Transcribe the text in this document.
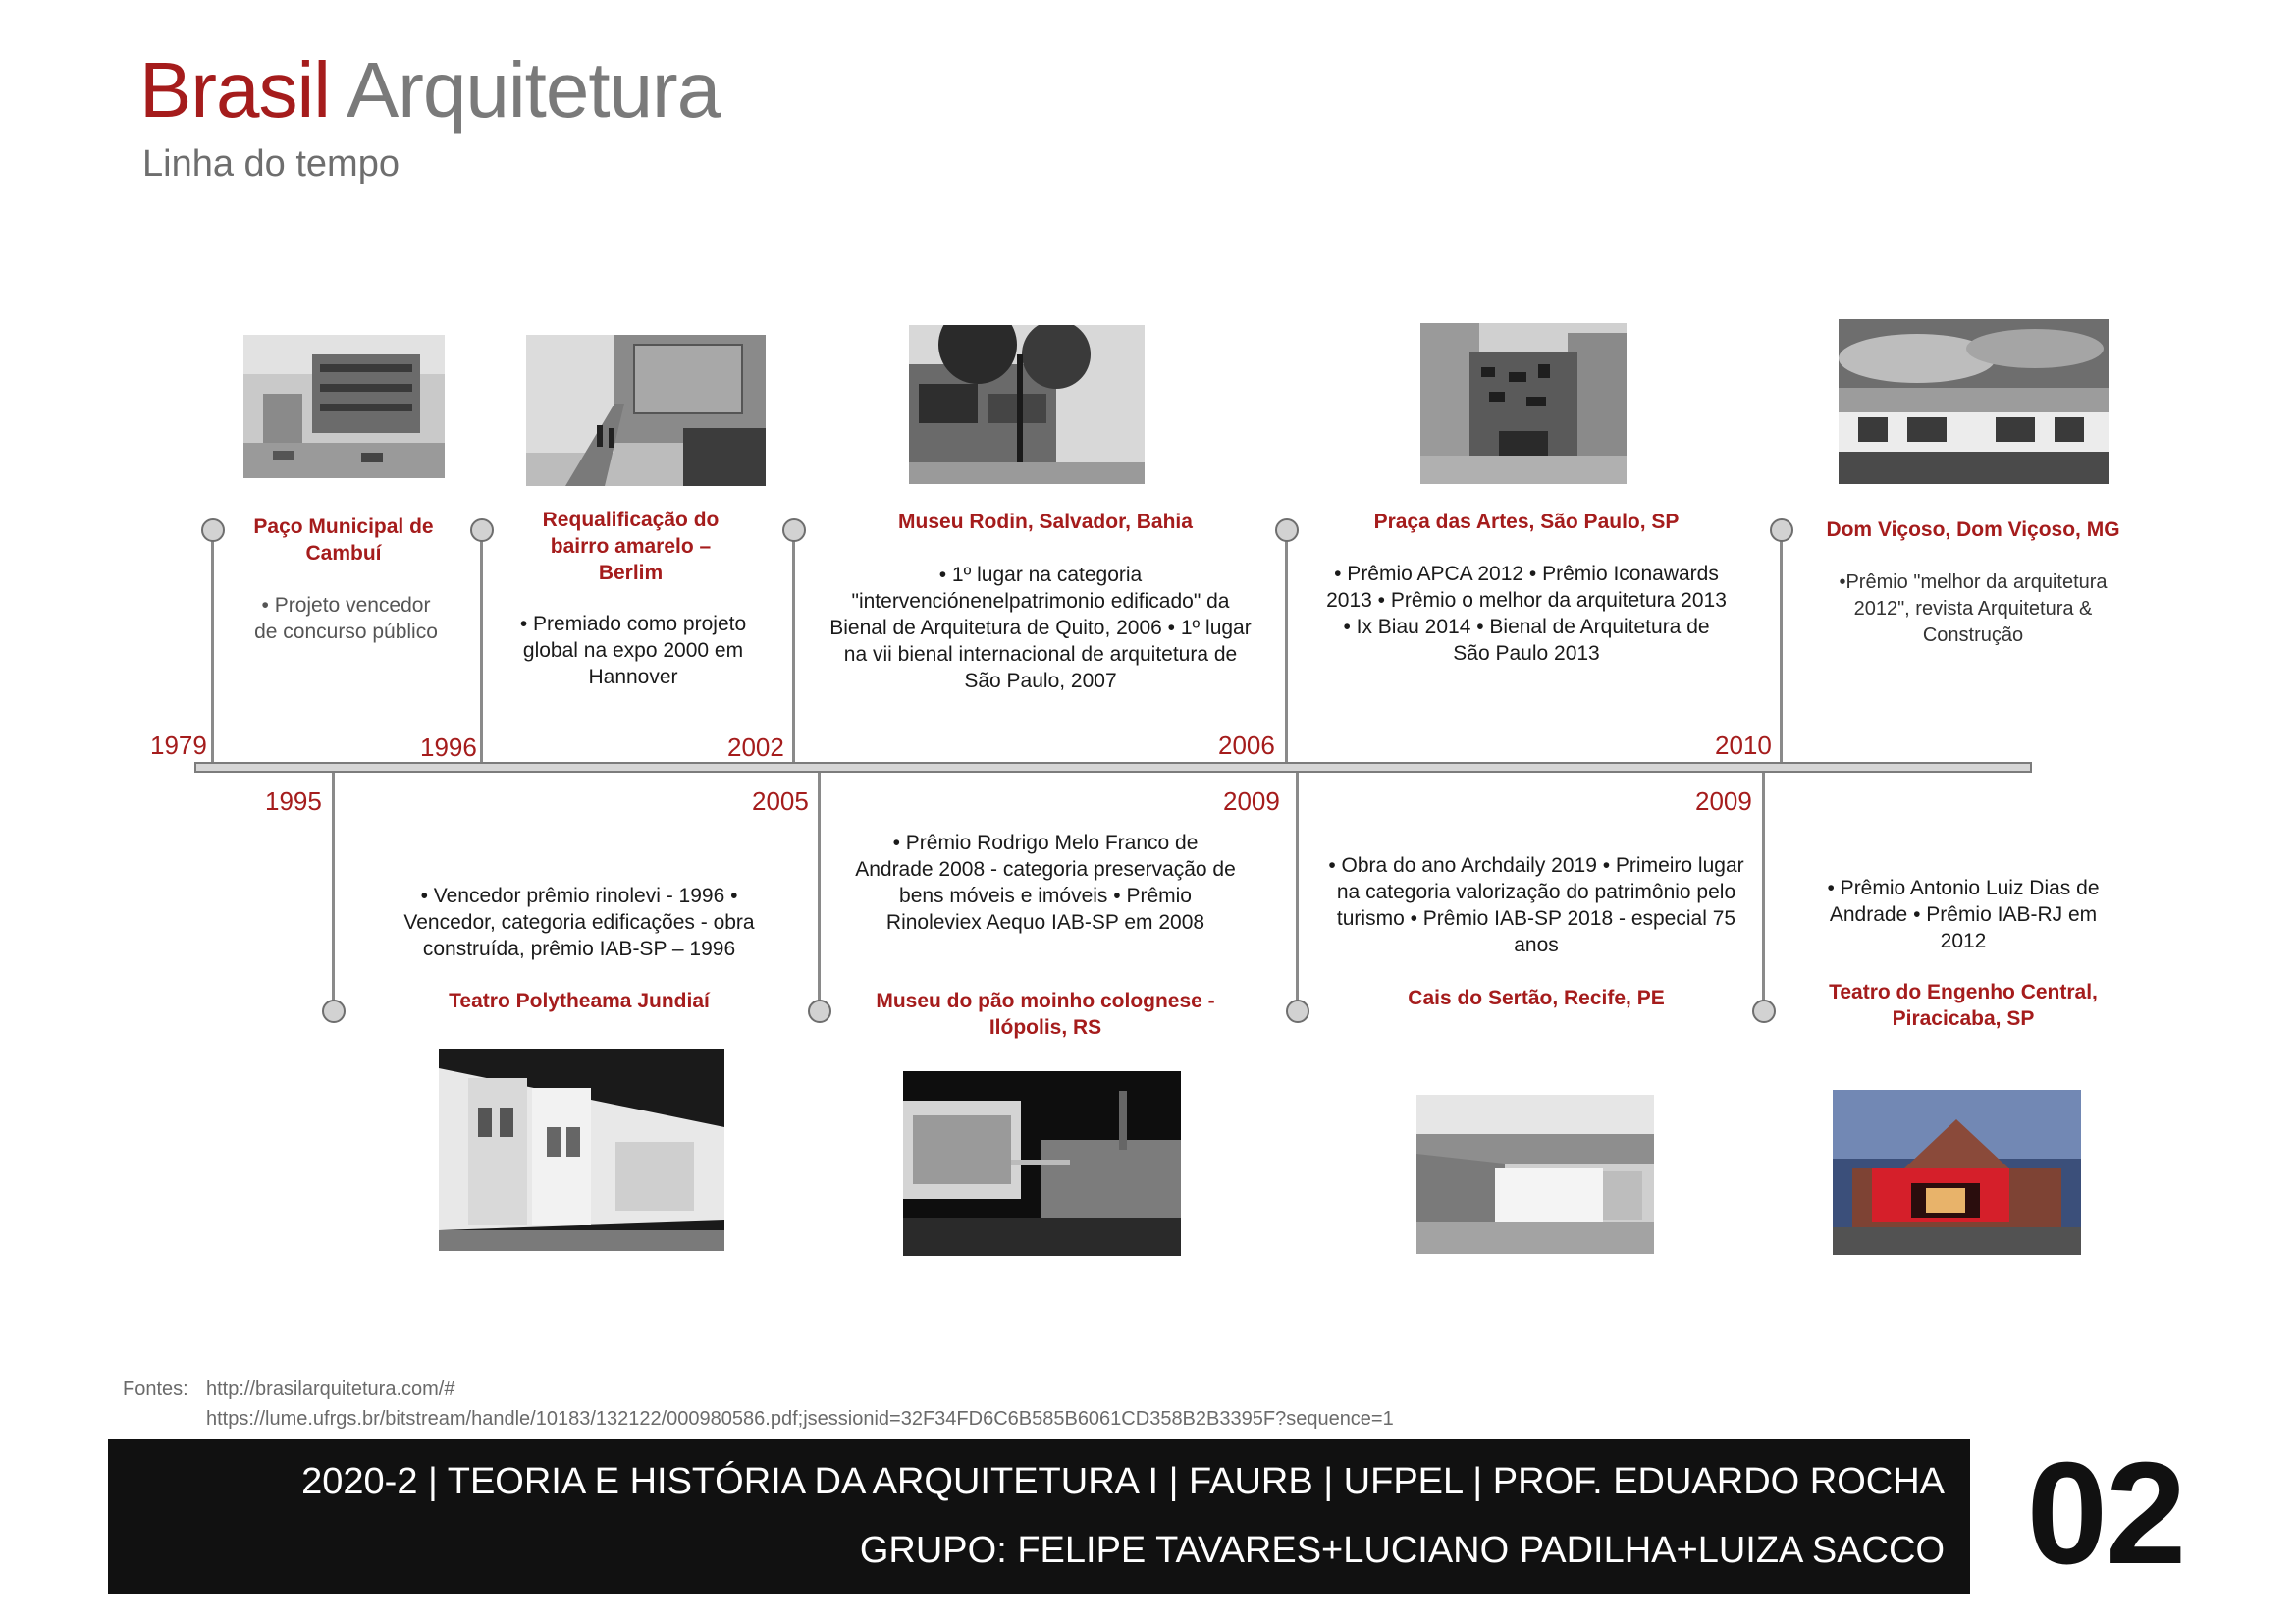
Brasil Arquitetura
Linha do tempo
1979
Paço Municipal de Cambuí
• Projeto vencedor de concurso público
1996
Requalificação do bairro amarelo – Berlim
• Premiado como projeto global na expo 2000 em Hannover
2002
Museu Rodin, Salvador, Bahia
• 1º lugar na categoria "intervenciónenelpatrimonio edificado" da Bienal de Arquitetura de Quito, 2006 • 1º lugar na vii bienal internacional de arquitetura de São Paulo, 2007
2006
Praça das Artes, São Paulo, SP
• Prêmio APCA 2012 • Prêmio Iconawards 2013 • Prêmio o melhor da arquitetura 2013 • Ix Biau 2014 • Bienal de Arquitetura de São Paulo 2013
2010
Dom Viçoso, Dom Viçoso, MG
•Prêmio "melhor da arquitetura 2012", revista Arquitetura & Construção
1995
• Vencedor prêmio rinolevi - 1996 • Vencedor, categoria edificações - obra construída, prêmio IAB-SP – 1996
Teatro Polytheama Jundiaí
2005
• Prêmio Rodrigo Melo Franco de Andrade 2008 - categoria preservação de bens móveis e imóveis • Prêmio Rinoleviex Aequo IAB-SP em 2008
Museu do pão moinho colognese - Ilópolis, RS
2009
• Obra do ano Archdaily 2019 • Primeiro lugar na categoria valorização do patrimônio pelo turismo • Prêmio IAB-SP 2018 - especial 75 anos
Cais do Sertão, Recife, PE
2009
• Prêmio Antonio Luiz Dias de Andrade • Prêmio IAB-RJ em 2012
Teatro do Engenho Central, Piracicaba, SP
Fontes: http://brasilarquitetura.com/#
https://lume.ufrgs.br/bitstream/handle/10183/132122/000980586.pdf;jsessionid=32F34FD6C6B585B6061CD358B2B3395F?sequence=1
2020-2 | TEORIA E HISTÓRIA DA ARQUITETURA I | FAURB | UFPEL | PROF. EDUARDO ROCHA
GRUPO: FELIPE TAVARES+LUCIANO PADILHA+LUIZA SACCO 02
